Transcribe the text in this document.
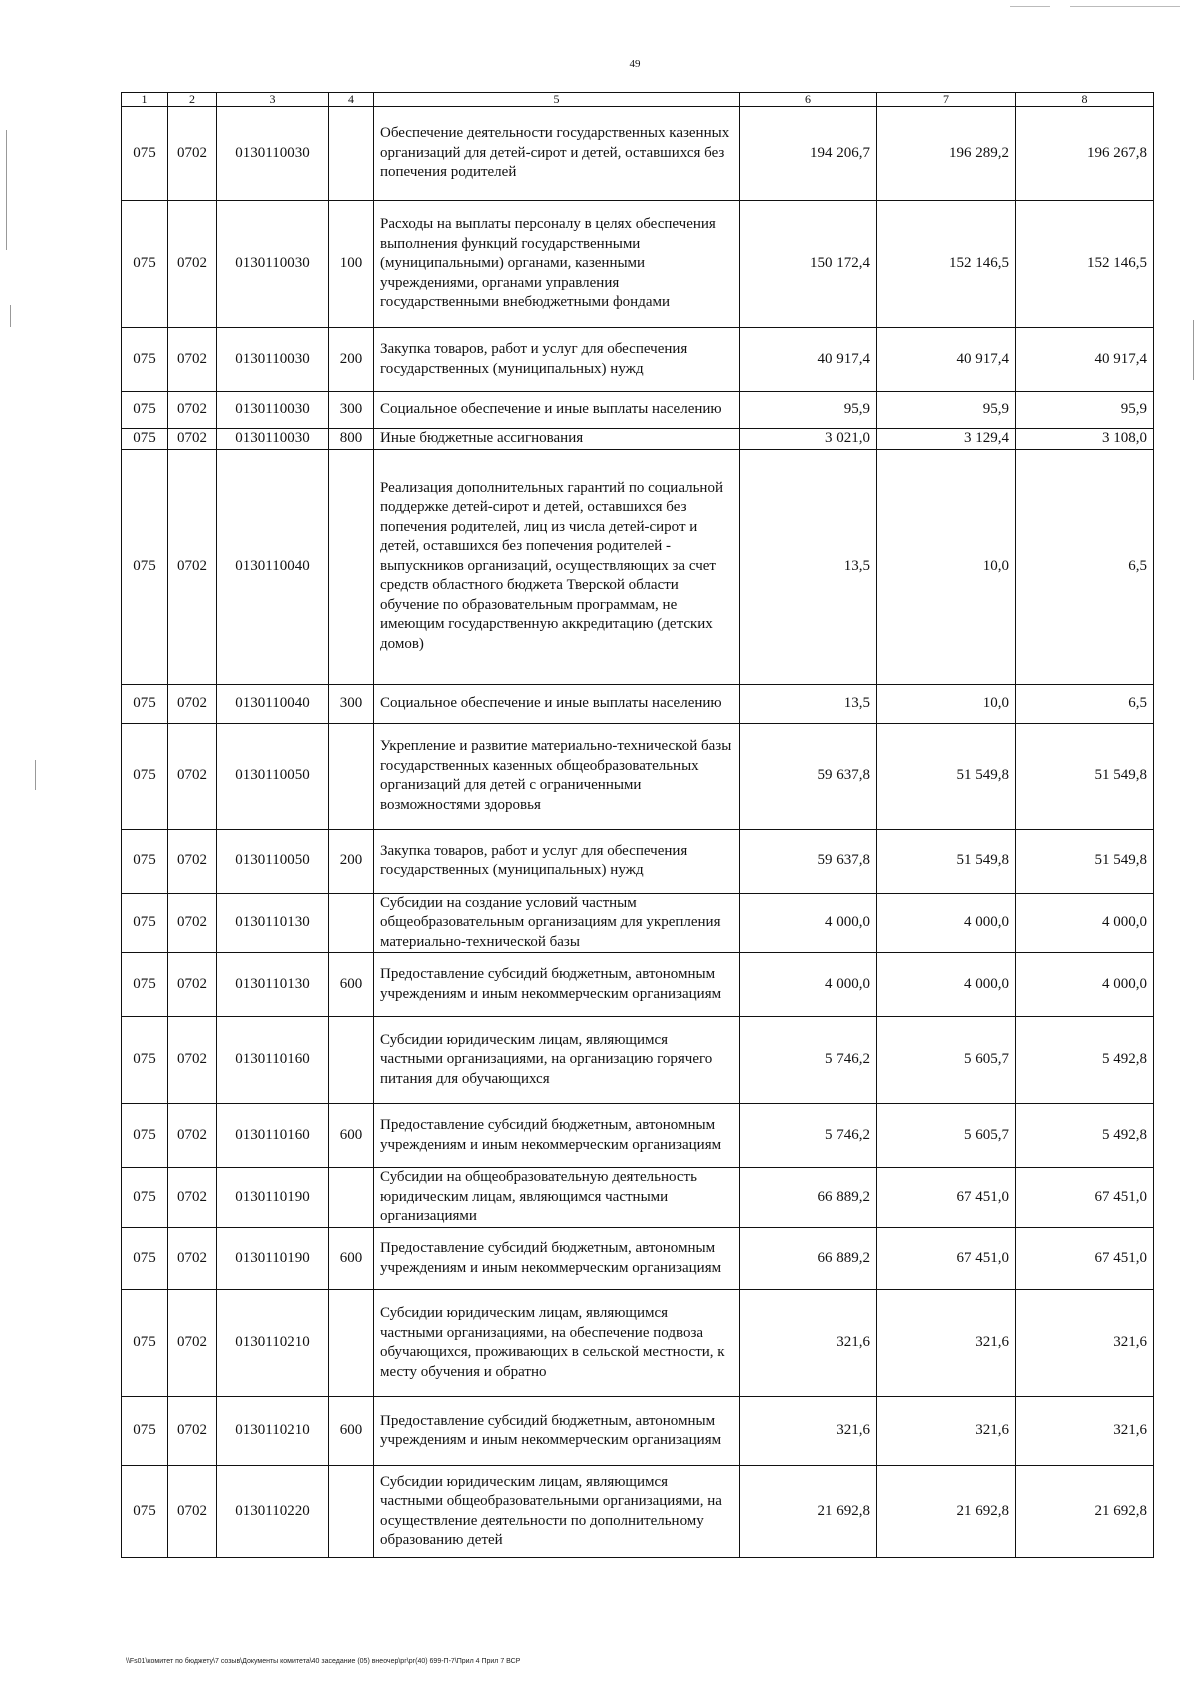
49
1	2	3	4	5	6	7	8
075	0702	0130110030		Обеспечение деятельности государственных казенных организаций для детей-сирот и детей, оставшихся без попечения родителей	194 206,7	196 289,2	196 267,8
075	0702	0130110030	100	Расходы на выплаты персоналу в целях обеспечения выполнения функций государственными (муниципальными) органами, казенными учреждениями, органами управления государственными внебюджетными фондами	150 172,4	152 146,5	152 146,5
075	0702	0130110030	200	Закупка товаров, работ и услуг для обеспечения государственных (муниципальных) нужд	40 917,4	40 917,4	40 917,4
075	0702	0130110030	300	Социальное обеспечение и иные выплаты населению	95,9	95,9	95,9
075	0702	0130110030	800	Иные бюджетные ассигнования	3 021,0	3 129,4	3 108,0
075	0702	0130110040		Реализация дополнительных гарантий по социальной поддержке детей-сирот и детей, оставшихся без попечения родителей, лиц из числа детей-сирот и детей, оставшихся без попечения родителей - выпускников организаций, осуществляющих за счет средств областного бюджета Тверской области обучение по образовательным программам, не имеющим государственную аккредитацию (детских домов)	13,5	10,0	6,5
075	0702	0130110040	300	Социальное обеспечение и иные выплаты населению	13,5	10,0	6,5
075	0702	0130110050		Укрепление и развитие материально-технической базы государственных казенных общеобразовательных организаций для детей с ограниченными возможностями здоровья	59 637,8	51 549,8	51 549,8
075	0702	0130110050	200	Закупка товаров, работ и услуг для обеспечения государственных (муниципальных) нужд	59 637,8	51 549,8	51 549,8
075	0702	0130110130		Субсидии на создание условий частным общеобразовательным организациям для укрепления материально-технической базы	4 000,0	4 000,0	4 000,0
075	0702	0130110130	600	Предоставление субсидий бюджетным, автономным учреждениям и иным некоммерческим организациям	4 000,0	4 000,0	4 000,0
075	0702	0130110160		Субсидии юридическим лицам, являющимся частными организациями, на организацию горячего питания для обучающихся	5 746,2	5 605,7	5 492,8
075	0702	0130110160	600	Предоставление субсидий бюджетным, автономным учреждениям и иным некоммерческим организациям	5 746,2	5 605,7	5 492,8
075	0702	0130110190		Субсидии на общеобразовательную деятельность юридическим лицам, являющимся частными организациями	66 889,2	67 451,0	67 451,0
075	0702	0130110190	600	Предоставление субсидий бюджетным, автономным учреждениям и иным некоммерческим организациям	66 889,2	67 451,0	67 451,0
075	0702	0130110210		Субсидии юридическим лицам, являющимся частными организациями, на обеспечение подвоза обучающихся, проживающих в сельской местности, к месту обучения и обратно	321,6	321,6	321,6
075	0702	0130110210	600	Предоставление субсидий бюджетным, автономным учреждениям и иным некоммерческим организациям	321,6	321,6	321,6
075	0702	0130110220		Субсидии юридическим лицам, являющимся частными общеобразовательными организациями, на осуществление деятельности по дополнительному образованию детей	21 692,8	21 692,8	21 692,8
\\Fs01\комитет по бюджету\7 созыв\Документы комитета\40 заседание (05) внеочер\рг\рг(40) 699-П-7\Прил 4 Прил 7 ВСР
